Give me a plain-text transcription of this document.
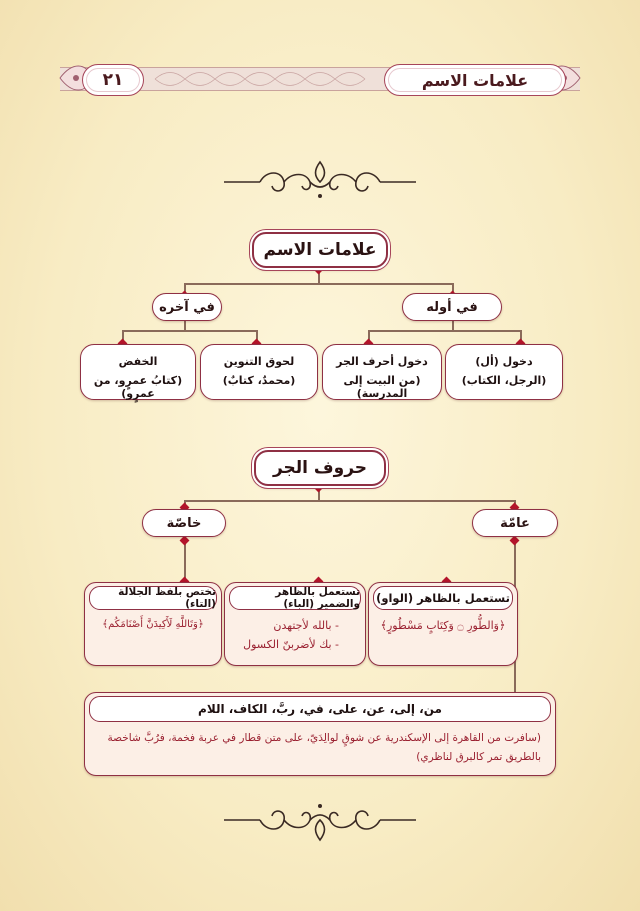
٢١	علامات الاسم
علامات الاسم
في آخره	في أوله
دخول (أل)
(الرجل، الكتاب)
دخول أحرف الجر
(من البيت إلى المدرسة)
لحوق التنوين
(محمدٌ، كتابٌ)
الخفض
(كتابُ عمرٍو، من عمرٍو)
حروف الجر
خاصّة	عامّة
تستعمل بالظاهر (الواو)
﴿وَالطُّورِ ۝ وَكِتَابٍ مَسْطُورٍ﴾
تستعمل بالظاهر والضمير (الباء)
- بالله لأجتهدن
- بك لأضربنّ الكسول
تختص بلفظ الجلالة (التاء)
﴿وَتَاللَّهِ لَأَكِيدَنَّ أَصْنَامَكُم﴾
من، إلى، عن، على، في، ربَّ، الكاف، اللام
(سافرت من القاهرة إلى الإسكندرية عن شوقٍ لوالِدَيّ، على متن قطار في عربة فخمة، فرُبَّ شاخصة بالطريق تمر كالبرق لناظري)
